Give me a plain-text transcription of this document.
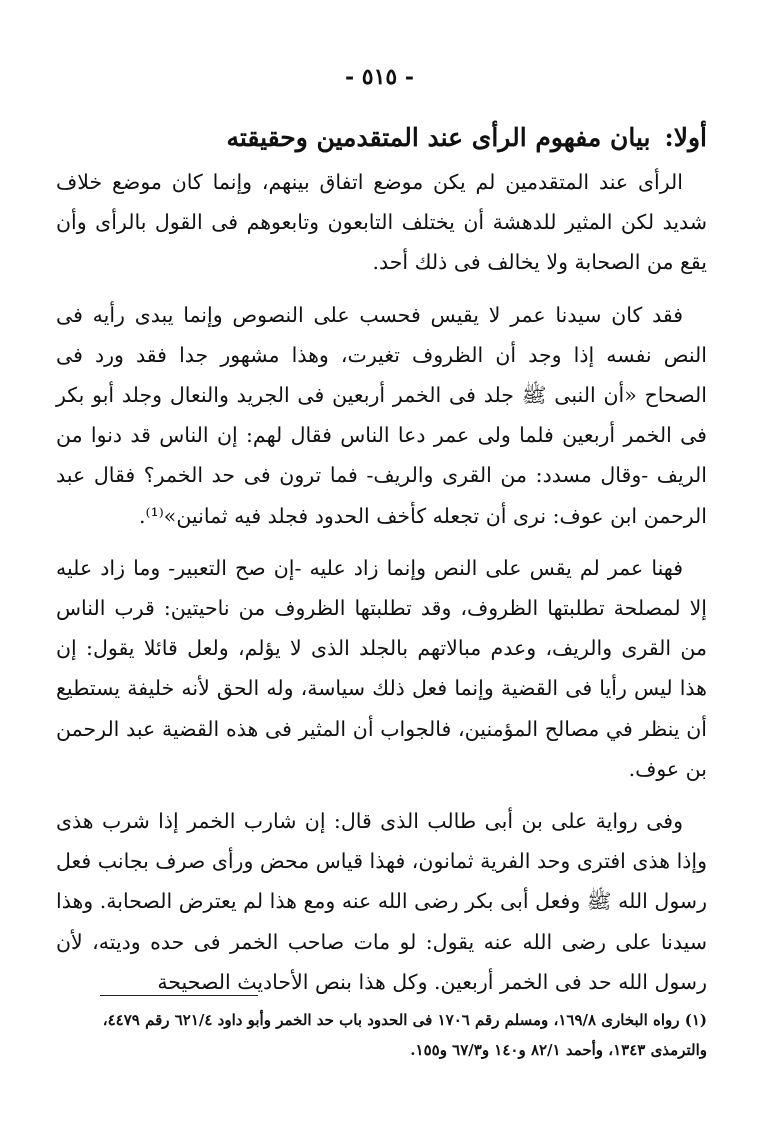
- ٥١٥ -
أولا:بيان مفهوم الرأى عند المتقدمين وحقيقته

الرأى عند المتقدمين لم يكن موضع اتفاق بينهم، وإنما كان موضع خلاف شديد لكن المثير للدهشة أن يختلف التابعون وتابعوهم فى القول بالرأى وأن يقع من الصحابة ولا يخالف فى ذلك أحد.

فقد كان سيدنا عمر لا يقيس فحسب على النصوص وإنما يبدى رأيه فى النص نفسه إذا وجد أن الظروف تغيرت، وهذا مشهور جدا فقد ورد فى الصحاح «أن النبى ﷺ جلد فى الخمر أربعين فى الجريد والنعال وجلد أبو بكر فى الخمر أربعين فلما ولى عمر دعا الناس فقال لهم: إن الناس قد دنوا من الريف -وقال مسدد: من القرى والريف- فما ترون فى حد الخمر؟ فقال عبد الرحمن ابن عوف: نرى أن تجعله كأخف الحدود فجلد فيه ثمانين»⁽¹⁾.

فهنا عمر لم يقس على النص وإنما زاد عليه -إن صح التعبير- وما زاد عليه إلا لمصلحة تطلبتها الظروف، وقد تطلبتها الظروف من ناحيتين: قرب الناس من القرى والريف، وعدم مبالاتهم بالجلد الذى لا يؤلم، ولعل قائلا يقول: إن هذا ليس رأيا فى القضية وإنما فعل ذلك سياسة، وله الحق لأنه خليفة يستطيع أن ينظر في مصالح المؤمنين، فالجواب أن المثير فى هذه القضية عبد الرحمن بن عوف.

وفى رواية على بن أبى طالب الذى قال: إن شارب الخمر إذا شرب هذى وإذا هذى افترى وحد الفرية ثمانون، فهذا قياس محض ورأى صرف بجانب فعل رسول الله ﷺ وفعل أبى بكر رضى الله عنه ومع هذا لم يعترض الصحابة. وهذا سيدنا على رضى الله عنه يقول: لو مات صاحب الخمر فى حده وديته، لأن رسول الله حد فى الخمر أربعين. وكل هذا بنص الأحاديث الصحيحة

(١) رواه البخارى ١٦٩/٨، ومسلم رقم ١٧٠٦ فى الحدود باب حد الخمر وأبو داود ٦٢١/٤ رقم ٤٤٧٩،

والترمذى ١٣٤٣، وأحمد ٨٢/١ و١٤٠ و٦٧/٣ و١٥٥.
